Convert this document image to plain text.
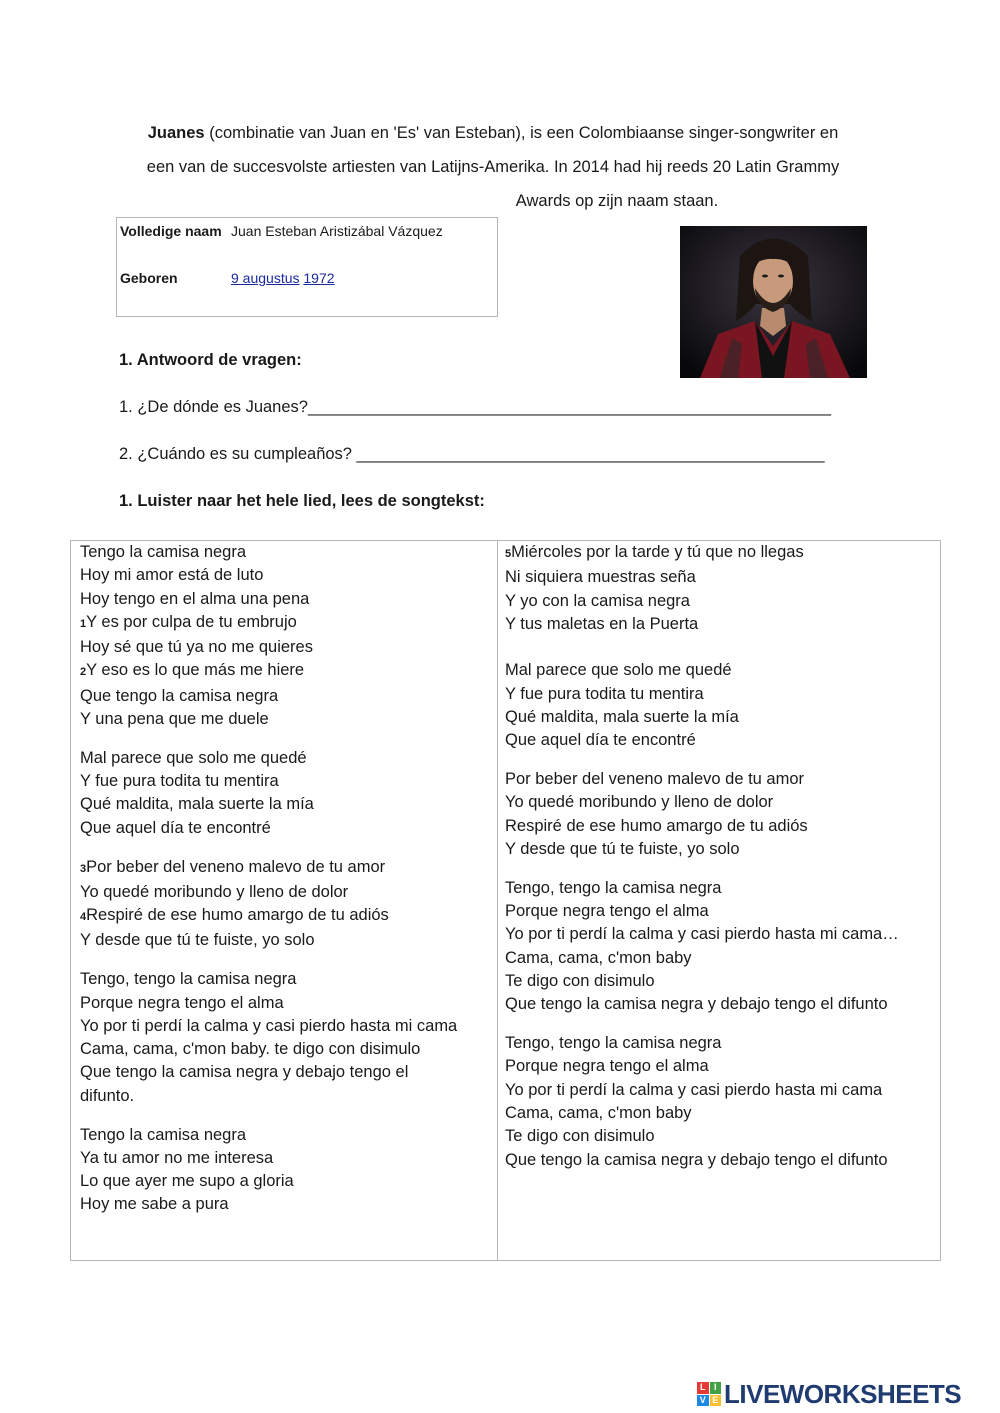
Juanes (combinatie van Juan en 'Es' van Esteban), is een Colombiaanse singer-songwriter en
een van de succesvolste artiesten van Latijns-Amerika. In 2014 had hij reeds 20 Latin Grammy
Awards op zijn naam staan.
Volledige naam Juan Esteban Aristizábal Vázquez
Geboren	9 augustus 1972
1. Antwoord de vragen:
1. ¿De dónde es Juanes?_________________________________________________________
2. ¿Cuándo es su cumpleaños? ___________________________________________________
1. Luister naar het hele lied, lees de songtekst:
Tengo la camisa negra
Hoy mi amor está de luto
Hoy tengo en el alma una pena
1Y es por culpa de tu embrujo
Hoy sé que tú ya no me quieres
2Y eso es lo que más me hiere
Que tengo la camisa negra
Y una pena que me duele
Mal parece que solo me quedé
Y fue pura todita tu mentira
Qué maldita, mala suerte la mía
Que aquel día te encontré
3Por beber del veneno malevo de tu amor
Yo quedé moribundo y lleno de dolor
4Respiré de ese humo amargo de tu adiós
Y desde que tú te fuiste, yo solo
Tengo, tengo la camisa negra
Porque negra tengo el alma
Yo por ti perdí la calma y casi pierdo hasta mi cama
Cama, cama, c'mon baby. te digo con disimulo
Que tengo la camisa negra y debajo tengo el
difunto.
Tengo la camisa negra
Ya tu amor no me interesa
Lo que ayer me supo a gloria
Hoy me sabe a pura
5Miércoles por la tarde y tú que no llegas
Ni siquiera muestras seña
Y yo con la camisa negra
Y tus maletas en la Puerta
Mal parece que solo me quedé
Y fue pura todita tu mentira
Qué maldita, mala suerte la mía
Que aquel día te encontré
Por beber del veneno malevo de tu amor
Yo quedé moribundo y lleno de dolor
Respiré de ese humo amargo de tu adiós
Y desde que tú te fuiste, yo solo
Tengo, tengo la camisa negra
Porque negra tengo el alma
Yo por ti perdí la calma y casi pierdo hasta mi cama…
Cama, cama, c'mon baby
Te digo con disimulo
Que tengo la camisa negra y debajo tengo el difunto
Tengo, tengo la camisa negra
Porque negra tengo el alma
Yo por ti perdí la calma y casi pierdo hasta mi cama
Cama, cama, c'mon baby
Te digo con disimulo
Que tengo la camisa negra y debajo tengo el difunto
L I
V E LIVEWORKSHEETS
